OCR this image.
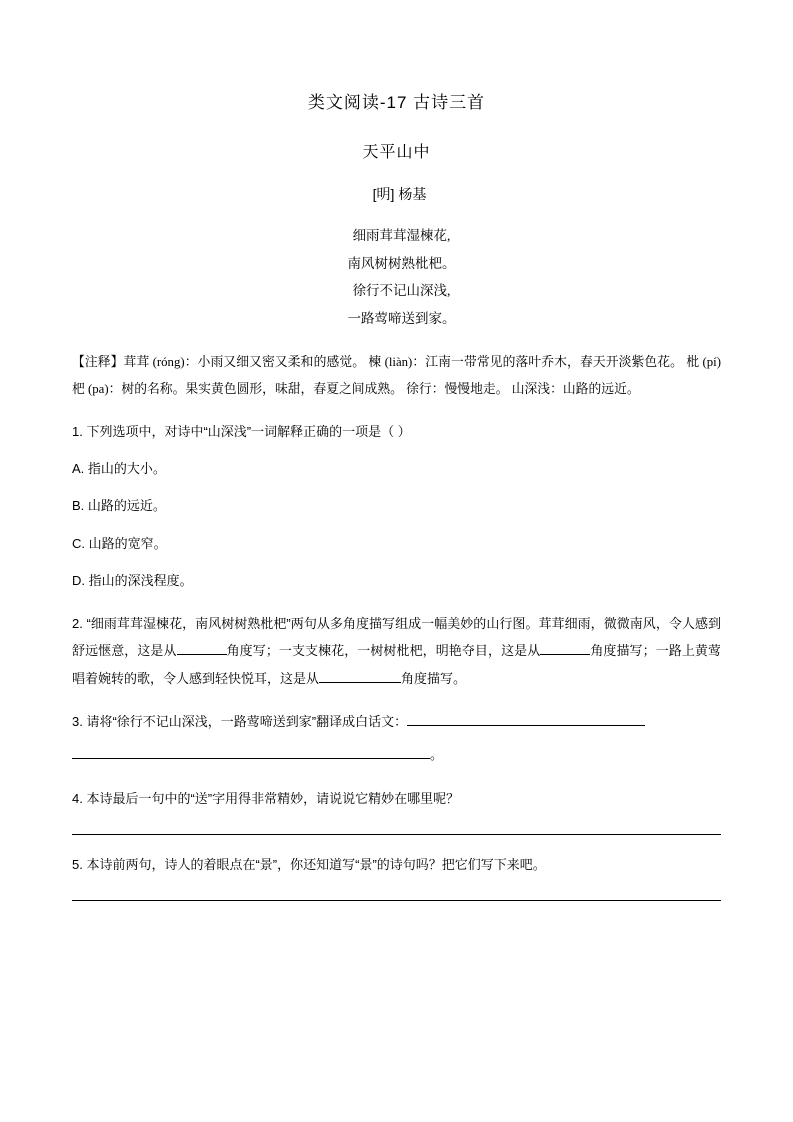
类文阅读-17 古诗三首
天平山中
[明] 杨基
细雨茸茸湿楝花,
南风树树熟枇杷。
徐行不记山深浅,
一路莺啼送到家。
【注释】茸茸 (róng)：小雨又细又密又柔和的感觉。 楝 (liàn)：江南一带常见的落叶乔木，春天开淡紫色花。 枇 (pí) 杷 (pa)：树的名称。果实黄色圆形，味甜，春夏之间成熟。 徐行：慢慢地走。 山深浅：山路的远近。
1. 下列选项中，对诗中“山深浅”一词解释正确的一项是（ ）
A. 指山的大小。
B. 山路的远近。
C. 山路的宽窄。
D. 指山的深浅程度。
2. “细雨茸茸湿楝花，南风树树熟枇杷”两句从多角度描写组成一幅美妙的山行图。茸茸细雨，微微南风，令人感到舒远惬意，这是从	角度写；一支支楝花，一树树枇杷，明艳夺目，这是从	角度描写；一路上黄莺唱着婉转的歌，令人感到轻快悦耳，这是从	角度描写。
3. 请将“徐行不记山深浅，一路莺啼送到家”翻译成白话文：
。
4. 本诗最后一句中的“送”字用得非常精妙，请说说它精妙在哪里呢？
5. 本诗前两句，诗人的着眼点在“景”，你还知道写“景”的诗句吗？把它们写下来吧。
